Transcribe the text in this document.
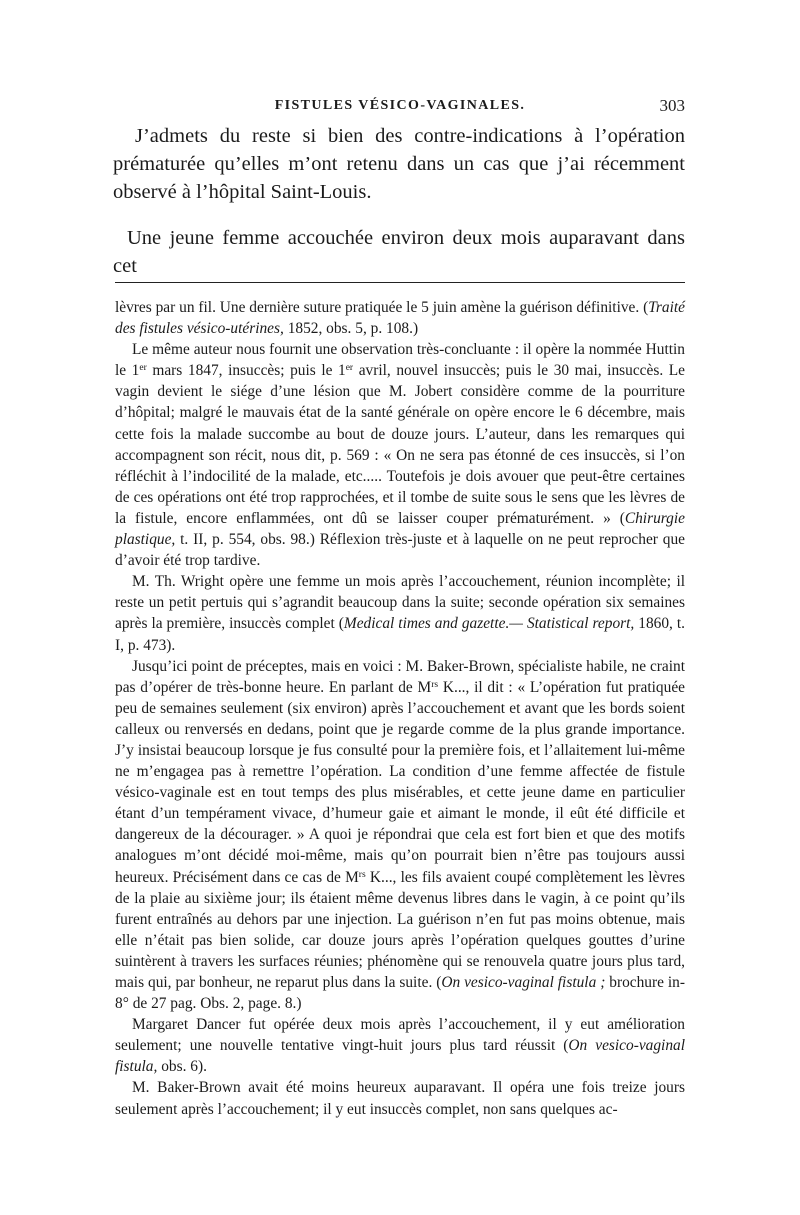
FISTULES VÉSICO-VAGINALES.	303

J’admets du reste si bien des contre-indications à l’opération prématurée qu’elles m’ont retenu dans un cas que j’ai récemment observé à l’hôpital Saint-Louis.

Une jeune femme accouchée environ deux mois auparavant dans cet

lèvres par un fil. Une dernière suture pratiquée le 5 juin amène la guérison définitive. (Traité des fistules vésico-utérines, 1852, obs. 5, p. 108.)

Le même auteur nous fournit une observation très-concluante : il opère la nommée Huttin le 1er mars 1847, insuccès; puis le 1er avril, nouvel insuccès; puis le 30 mai, insuccès. Le vagin devient le siége d’une lésion que M. Jobert considère comme de la pourriture d’hôpital; malgré le mauvais état de la santé générale on opère encore le 6 décembre, mais cette fois la malade succombe au bout de douze jours. L’auteur, dans les remarques qui accompagnent son récit, nous dit, p. 569 : « On ne sera pas étonné de ces insuccès, si l’on réfléchit à l’indocilité de la malade, etc..... Toutefois je dois avouer que peut-être certaines de ces opérations ont été trop rapprochées, et il tombe de suite sous le sens que les lèvres de la fistule, encore enflammées, ont dû se laisser couper prématurément. » (Chirurgie plastique, t. II, p. 554, obs. 98.) Réflexion très-juste et à laquelle on ne peut reprocher que d’avoir été trop tardive.

M. Th. Wright opère une femme un mois après l’accouchement, réunion incomplète; il reste un petit pertuis qui s’agrandit beaucoup dans la suite; seconde opération six semaines après la première, insuccès complet (Medical times and gazette.— Statistical report, 1860, t. I, p. 473).

Jusqu’ici point de préceptes, mais en voici : M. Baker-Brown, spécialiste habile, ne craint pas d’opérer de très-bonne heure. En parlant de $M^{rs}$ K..., il dit : « L’opération fut pratiquée peu de semaines seulement (six environ) après l’accouchement et avant que les bords soient calleux ou renversés en dedans, point que je regarde comme de la plus grande importance. J’y insistai beaucoup lorsque je fus consulté pour la première fois, et l’allaitement lui-même ne m’engagea pas à remettre l’opération. La condition d’une femme affectée de fistule vésico-vaginale est en tout temps des plus misérables, et cette jeune dame en particulier étant d’un tempérament vivace, d’humeur gaie et aimant le monde, il eût été difficile et dangereux de la décourager. » A quoi je répondrai que cela est fort bien et que des motifs analogues m’ont décidé moi-même, mais qu’on pourrait bien n’être pas toujours aussi heureux. Précisément dans ce cas de $M^{rs}$ K..., les fils avaient coupé complètement les lèvres de la plaie au sixième jour; ils étaient même devenus libres dans le vagin, à ce point qu’ils furent entraînés au dehors par une injection. La guérison n’en fut pas moins obtenue, mais elle n’était pas bien solide, car douze jours après l’opération quelques gouttes d’urine suintèrent à travers les surfaces réunies; phénomène qui se renouvela quatre jours plus tard, mais qui, par bonheur, ne reparut plus dans la suite. (On vesico-vaginal fistula ; brochure in-8° de 27 pag. Obs. 2, page. 8.)

Margaret Dancer fut opérée deux mois après l’accouchement, il y eut amélioration seulement; une nouvelle tentative vingt-huit jours plus tard réussit (On vesico-vaginal fistula, obs. 6).

M. Baker-Brown avait été moins heureux auparavant. Il opéra une fois treize jours seulement après l’accouchement; il y eut insuccès complet, non sans quelques ac-
